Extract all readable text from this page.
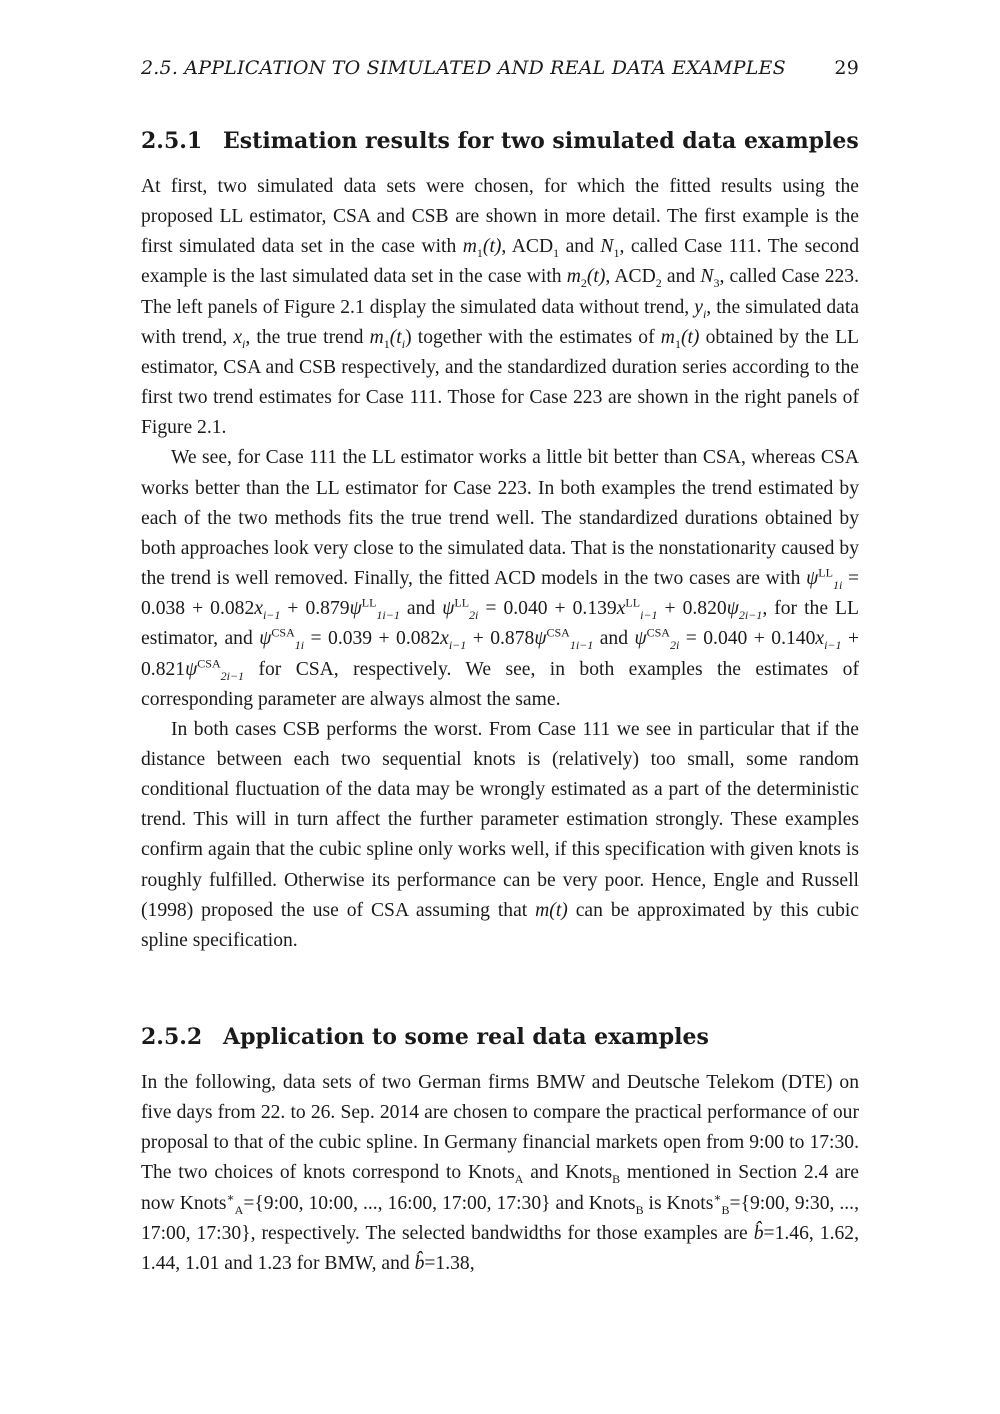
2.5. APPLICATION TO SIMULATED AND REAL DATA EXAMPLES	29
2.5.1 Estimation results for two simulated data examples

At first, two simulated data sets were chosen, for which the fitted results using the proposed LL estimator, CSA and CSB are shown in more detail. The first example is the first simulated data set in the case with $m_1(t)$, $ACD_1$ and $N_1$, called Case 111. The second example is the last simulated data set in the case with $m_2(t)$, $ACD_2$ and $N_3$, called Case 223. The left panels of Figure 2.1 display the simulated data without trend, $y_i$, the simulated data with trend, $x_i$, the true trend $m_1(t_i)$ together with the estimates of $m_1(t)$ obtained by the LL estimator, CSA and CSB respectively, and the standardized duration series according to the first two trend estimates for Case 111. Those for Case 223 are shown in the right panels of Figure 2.1.

We see, for Case 111 the LL estimator works a little bit better than CSA, whereas CSA works better than the LL estimator for Case 223. In both examples the trend estimated by each of the two methods fits the true trend well. The standardized durations obtained by both approaches look very close to the simulated data. That is the nonstationarity caused by the trend is well removed. Finally, the fitted ACD models in the two cases are with $\psi^{LL}_{1i} = 0.038 + 0.082x_{i-1} + 0.879\psi^{LL}_{1i-1}$ and $\psi^{LL}_{2i} = 0.040 + 0.139x^{LL}_{i-1} + 0.820\psi_{2i-1}$, for the LL estimator, and $\psi^{CSA}_{1i} = 0.039 + 0.082x_{i-1} + 0.878\psi^{CSA}_{1i-1}$ and $\psi^{CSA}_{2i} = 0.040 + 0.140x_{i-1} + 0.821\psi^{CSA}_{2i-1}$ for CSA, respectively. We see, in both examples the estimates of corresponding parameter are always almost the same.

In both cases CSB performs the worst. From Case 111 we see in particular that if the distance between each two sequential knots is (relatively) too small, some random conditional fluctuation of the data may be wrongly estimated as a part of the deterministic trend. This will in turn affect the further parameter estimation strongly. These examples confirm again that the cubic spline only works well, if this specification with given knots is roughly fulfilled. Otherwise its performance can be very poor. Hence, Engle and Russell (1998) proposed the use of CSA assuming that m(t) can be approximated by this cubic spline specification.

2.5.2 Application to some real data examples

In the following, data sets of two German firms BMW and Deutsche Telekom (DTE) on five days from 22. to 26. Sep. 2014 are chosen to compare the practical performance of our proposal to that of the cubic spline. In Germany financial markets open from 9:00 to 17:30. The two choices of knots correspond to Knots$_A$ and Knots$_B$ mentioned in Section 2.4 are now Knots∗$_A$={9:00, 10:00, ..., 16:00, 17:00, 17:30} and Knots$_B$ is Knots∗$_B$={9:00, 9:30, ..., 17:00, 17:30}, respectively. The selected bandwidths for those examples are b̂=1.46, 1.62, 1.44, 1.01 and 1.23 for BMW, and b̂=1.38,
